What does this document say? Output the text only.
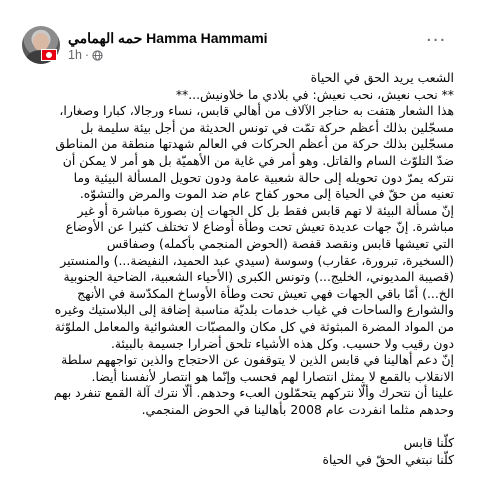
حمه الهمامي Hamma Hammami
1h ·
···

الشعب يريد الحق في الحياة

** نحب نعيش، نحب نعيش: في بلادي ما خلاونيش...**

هذا الشعار هتفت به حناجر الآلاف من أهالي قابس، نساء ورجالا، كبارا وصغارا،

مسجّلين بذلك أعظم حركة تمّت في تونس الحديثة من أجل بيئة سليمة بل

مسجّلين بذلك حركة من أعظم الحركات في العالم شهدتها منطقة من المناطق

ضدّ التلوّث السام والقاتل. وهو أمر في غاية من الأهميّة بل هو أمر لا يمكن أن

نتركه يمرّ دون تحويله إلى حالة شعبية عامة ودون تحويل المسألة البيئية وما

تعنيه من حقّ في الحياة إلى محور كفاح عام ضد الموت والمرض والتشوّه.

إنّ مسألة البيئة لا تهم قابس فقط بل كل الجهات إن بصورة مباشرة أو غير

مباشرة. إنّ جهات عديدة تعيش تحت وطأة أوضاع لا تختلف كثيرا عن الأوضاع

التي تعيشها قابس ونقصد قفصة (الحوض المنجمي بأكمله) وصفاقس

(السخيرة، تبرورة، عقارب) وسوسة (سيدي عبد الحميد، النفيضة...) والمنستير

(قصيبة المديوني، الخليج...) وتونس الكبرى (الأحياء الشعبية، الضاحية الجنوبية

الخ...) أمّا باقي الجهات فهي تعيش تحت وطأة الأوساخ المكدّسة في الأنهج

والشوارع والساحات في غياب خدمات بلديّة مناسبة إضافة إلى البلاستيك وغيره

من المواد المضرة المبثوثة في كل مكان والمصبّات العشوائية والمعامل الملوّثة

دون رقيب ولا حسيب. وكل هذه الأشياء تلحق أضرارا جسيمة بالبيئة.

إنّ دعم أهالينا في قابس الذين لا يتوقفون عن الاحتجاج والذين تواجههم سلطة

الانقلاب بالقمع لا يمثل انتصارا لهم فحسب وإنّما هو انتصار لأنفسنا أيضا.

علينا أن نتحرك وألّا نتركهم يتحمّلون العبء وحدهم. ألّا نترك آلة القمع تنفرد بهم

وحدهم مثلما انفردت عام 2008 بأهالينا في الحوض المنجمي.

كلّنا قابس

كلّنا نبتغي الحقّ في الحياة
